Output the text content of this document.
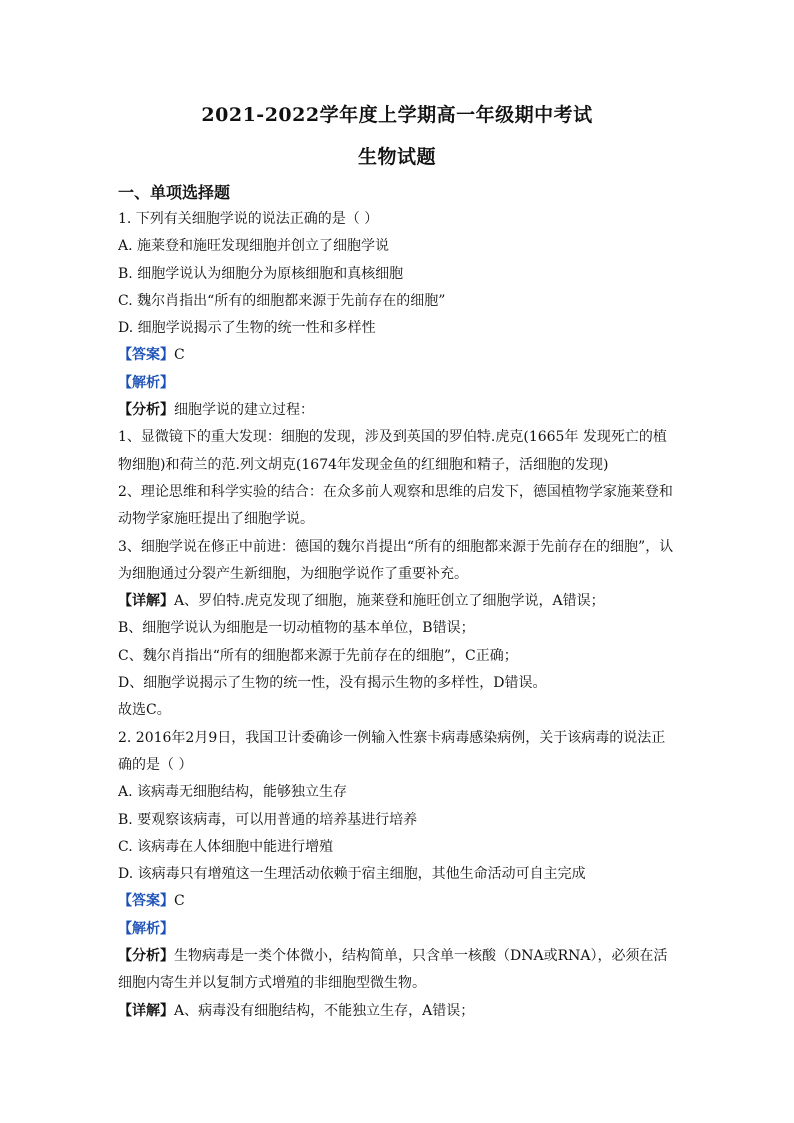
2021-2022学年度上学期高一年级期中考试
生物试题
一、单项选择题
1. 下列有关细胞学说的说法正确的是（ ）
A. 施莱登和施旺发现细胞并创立了细胞学说
B. 细胞学说认为细胞分为原核细胞和真核细胞
C. 魏尔肖指出“所有的细胞都来源于先前存在的细胞”
D. 细胞学说揭示了生物的统一性和多样性
【答案】C
【解析】
【分析】细胞学说的建立过程：
1、显微镜下的重大发现：细胞的发现，涉及到英国的罗伯特.虎克(1665年 发现死亡的植
物细胞)和荷兰的范.列文胡克(1674年发现金鱼的红细胞和精子，活细胞的发现)
2、理论思维和科学实验的结合：在众多前人观察和思维的启发下，德国植物学家施莱登和
动物学家施旺提出了细胞学说。
3、细胞学说在修正中前进：德国的魏尔肖提出“所有的细胞都来源于先前存在的细胞”，认
为细胞通过分裂产生新细胞，为细胞学说作了重要补充。
【详解】A、罗伯特.虎克发现了细胞，施莱登和施旺创立了细胞学说，A错误；
B、细胞学说认为细胞是一切动植物的基本单位，B错误；
C、魏尔肖指出“所有的细胞都来源于先前存在的细胞”，C正确；
D、细胞学说揭示了生物的统一性，没有揭示生物的多样性，D错误。
故选C。
2. 2016年2月9日，我国卫计委确诊一例输入性寨卡病毒感染病例，关于该病毒的说法正
确的是（ ）
A. 该病毒无细胞结构，能够独立生存
B. 要观察该病毒，可以用普通的培养基进行培养
C. 该病毒在人体细胞中能进行增殖
D. 该病毒只有增殖这一生理活动依赖于宿主细胞，其他生命活动可自主完成
【答案】C
【解析】
【分析】生物病毒是一类个体微小，结构简单，只含单一核酸（DNA或RNA），必须在活
细胞内寄生并以复制方式增殖的非细胞型微生物。
【详解】A、病毒没有细胞结构，不能独立生存，A错误；
